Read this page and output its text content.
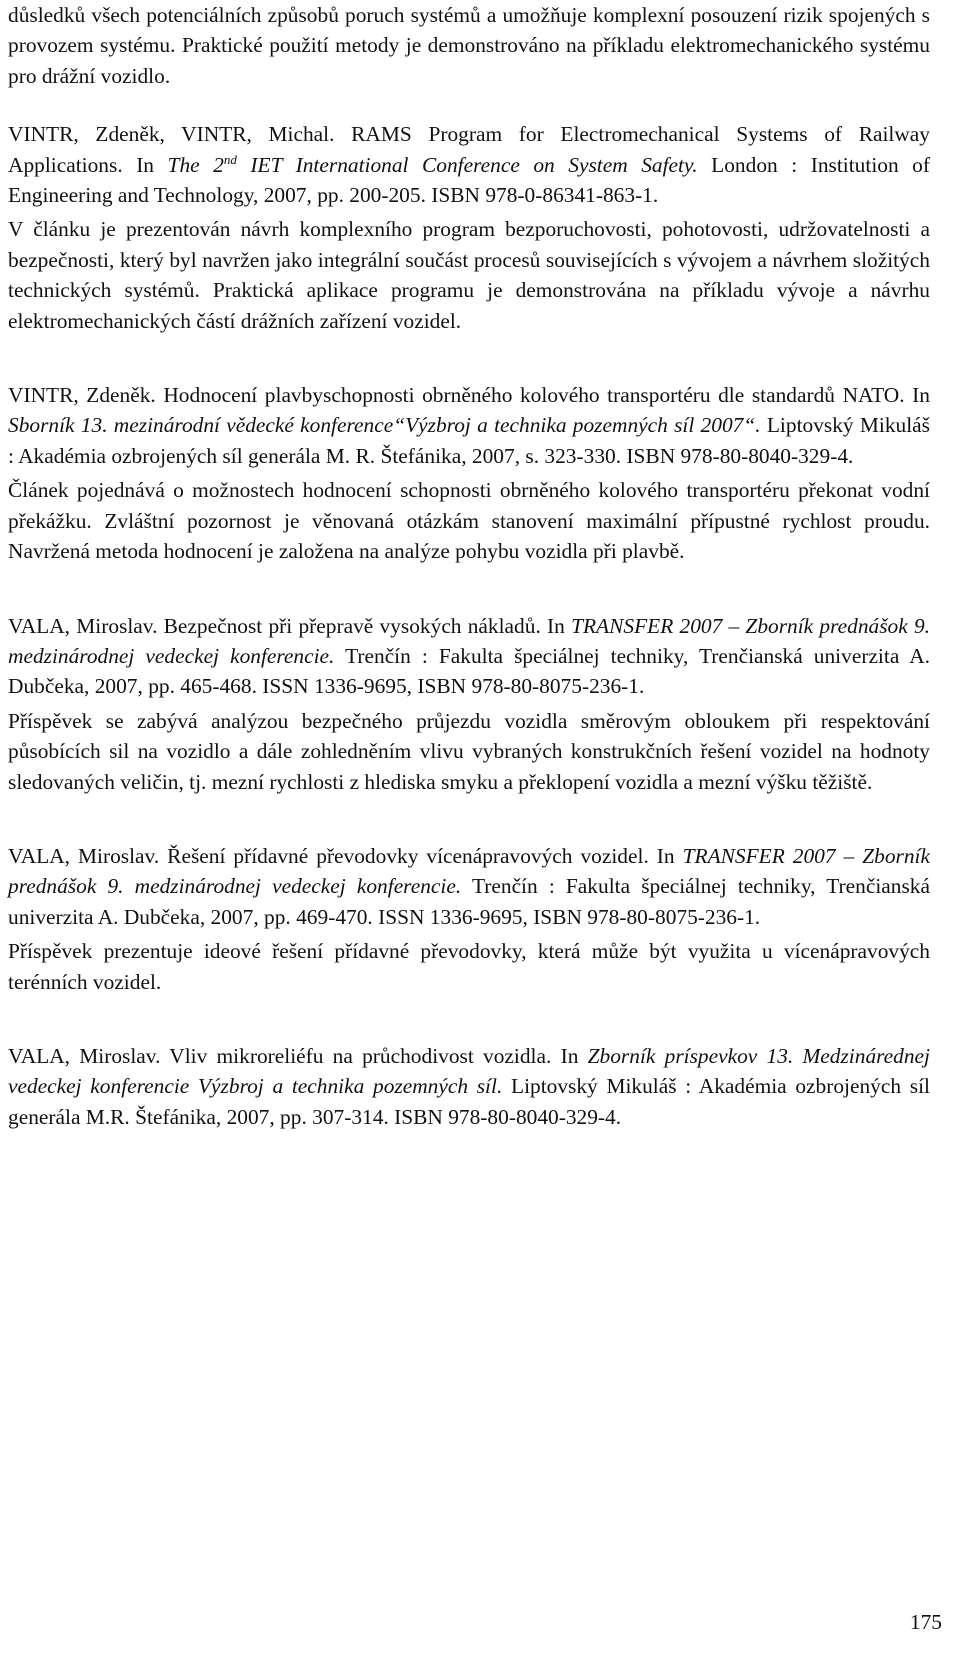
důsledků všech potenciálních způsobů poruch systémů a umožňuje komplexní posouzení rizik spojených s provozem systému. Praktické použití metody je demonstrováno na příkladu elektromechanického systému pro drážní vozidlo.

VINTR, Zdeněk, VINTR, Michal. RAMS Program for Electromechanical Systems of Railway Applications. In The 2nd IET International Conference on System Safety. London : Institution of Engineering and Technology, 2007, pp. 200-205. ISBN 978-0-86341-863-1.

V článku je prezentován návrh komplexního program bezporuchovosti, pohotovosti, udržovatelnosti a bezpečnosti, který byl navržen jako integrální součást procesů souvisejících s vývojem a návrhem složitých technických systémů. Praktická aplikace programu je demonstrována na příkladu vývoje a návrhu elektromechanických částí drážních zařízení vozidel.

VINTR, Zdeněk. Hodnocení plavbyschopnosti obrněného kolového transportéru dle standardů NATO. In Sborník 13. mezinárodní vědecké konference“Výzbroj a technika pozemných síl 2007“. Liptovský Mikuláš : Akadémia ozbrojených síl generála M. R. Štefánika, 2007, s. 323-330. ISBN 978-80-8040-329-4.

Článek pojednává o možnostech hodnocení schopnosti obrněného kolového transportéru překonat vodní překážku. Zvláštní pozornost je věnovaná otázkám stanovení maximální přípustné rychlost proudu. Navržená metoda hodnocení je založena na analýze pohybu vozidla při plavbě.

VALA, Miroslav. Bezpečnost při přepravě vysokých nákladů. In TRANSFER 2007 – Zborník prednášok 9. medzinárodnej vedeckej konferencie. Trenčín : Fakulta špeciálnej techniky, Trenčianská univerzita A. Dubčeka, 2007, pp. 465-468. ISSN 1336-9695, ISBN 978-80-8075-236-1.

Příspěvek se zabývá analýzou bezpečného průjezdu vozidla směrovým obloukem při respektování působících sil na vozidlo a dále zohledněním vlivu vybraných konstrukčních řešení vozidel na hodnoty sledovaných veličin, tj. mezní rychlosti z hlediska smyku a překlopení vozidla a mezní výšku těžiště.

VALA, Miroslav. Řešení přídavné převodovky vícenápravových vozidel. In TRANSFER 2007 – Zborník prednášok 9. medzinárodnej vedeckej konferencie. Trenčín : Fakulta špeciálnej techniky, Trenčianská univerzita A. Dubčeka, 2007, pp. 469-470. ISSN 1336-9695, ISBN 978-80-8075-236-1.

Příspěvek prezentuje ideové řešení přídavné převodovky, která může být využita u vícenápravových terénních vozidel.

VALA, Miroslav. Vliv mikroreliéfu na průchodivost vozidla. In Zborník príspevkov 13. Medzinárednej vedeckej konferencie Výzbroj a technika pozemných síl. Liptovský Mikuláš : Akadémia ozbrojených síl generála M.R. Štefánika, 2007, pp. 307-314. ISBN 978-80-8040-329-4.

175
